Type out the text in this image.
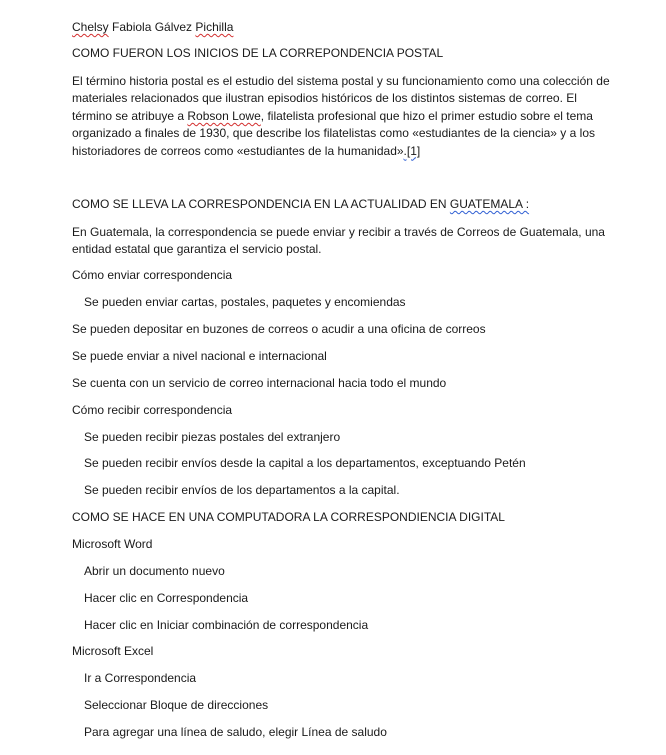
Chelsy Fabiola Gálvez Pichilla
COMO FUERON LOS INICIOS DE LA CORREPONDENCIA POSTAL
El término historia postal es el estudio del sistema postal y su funcionamiento como una colección de materiales relacionados que ilustran episodios históricos de los distintos sistemas de correo. El término se atribuye a Robson Lowe, filatelista profesional que hizo el primer estudio sobre el tema organizado a finales de 1930, que describe los filatelistas como «estudiantes de la ciencia» y a los historiadores de correos como «estudiantes de la humanidad».[1]
COMO SE LLEVA LA CORRESPONDENCIA EN LA ACTUALIDAD EN GUATEMALA :
En Guatemala, la correspondencia se puede enviar y recibir a través de Correos de Guatemala, una entidad estatal que garantiza el servicio postal.
Cómo enviar correspondencia
Se pueden enviar cartas, postales, paquetes y encomiendas
Se pueden depositar en buzones de correos o acudir a una oficina de correos
Se puede enviar a nivel nacional e internacional
Se cuenta con un servicio de correo internacional hacia todo el mundo
Cómo recibir correspondencia
Se pueden recibir piezas postales del extranjero
Se pueden recibir envíos desde la capital a los departamentos, exceptuando Petén
Se pueden recibir envíos de los departamentos a la capital.
COMO SE HACE EN UNA COMPUTADORA LA CORRESPONDIENCIA DIGITAL
Microsoft Word
Abrir un documento nuevo
Hacer clic en Correspondencia
Hacer clic en Iniciar combinación de correspondencia
Microsoft Excel
Ir a Correspondencia
Seleccionar Bloque de direcciones
Para agregar una línea de saludo, elegir Línea de saludo
